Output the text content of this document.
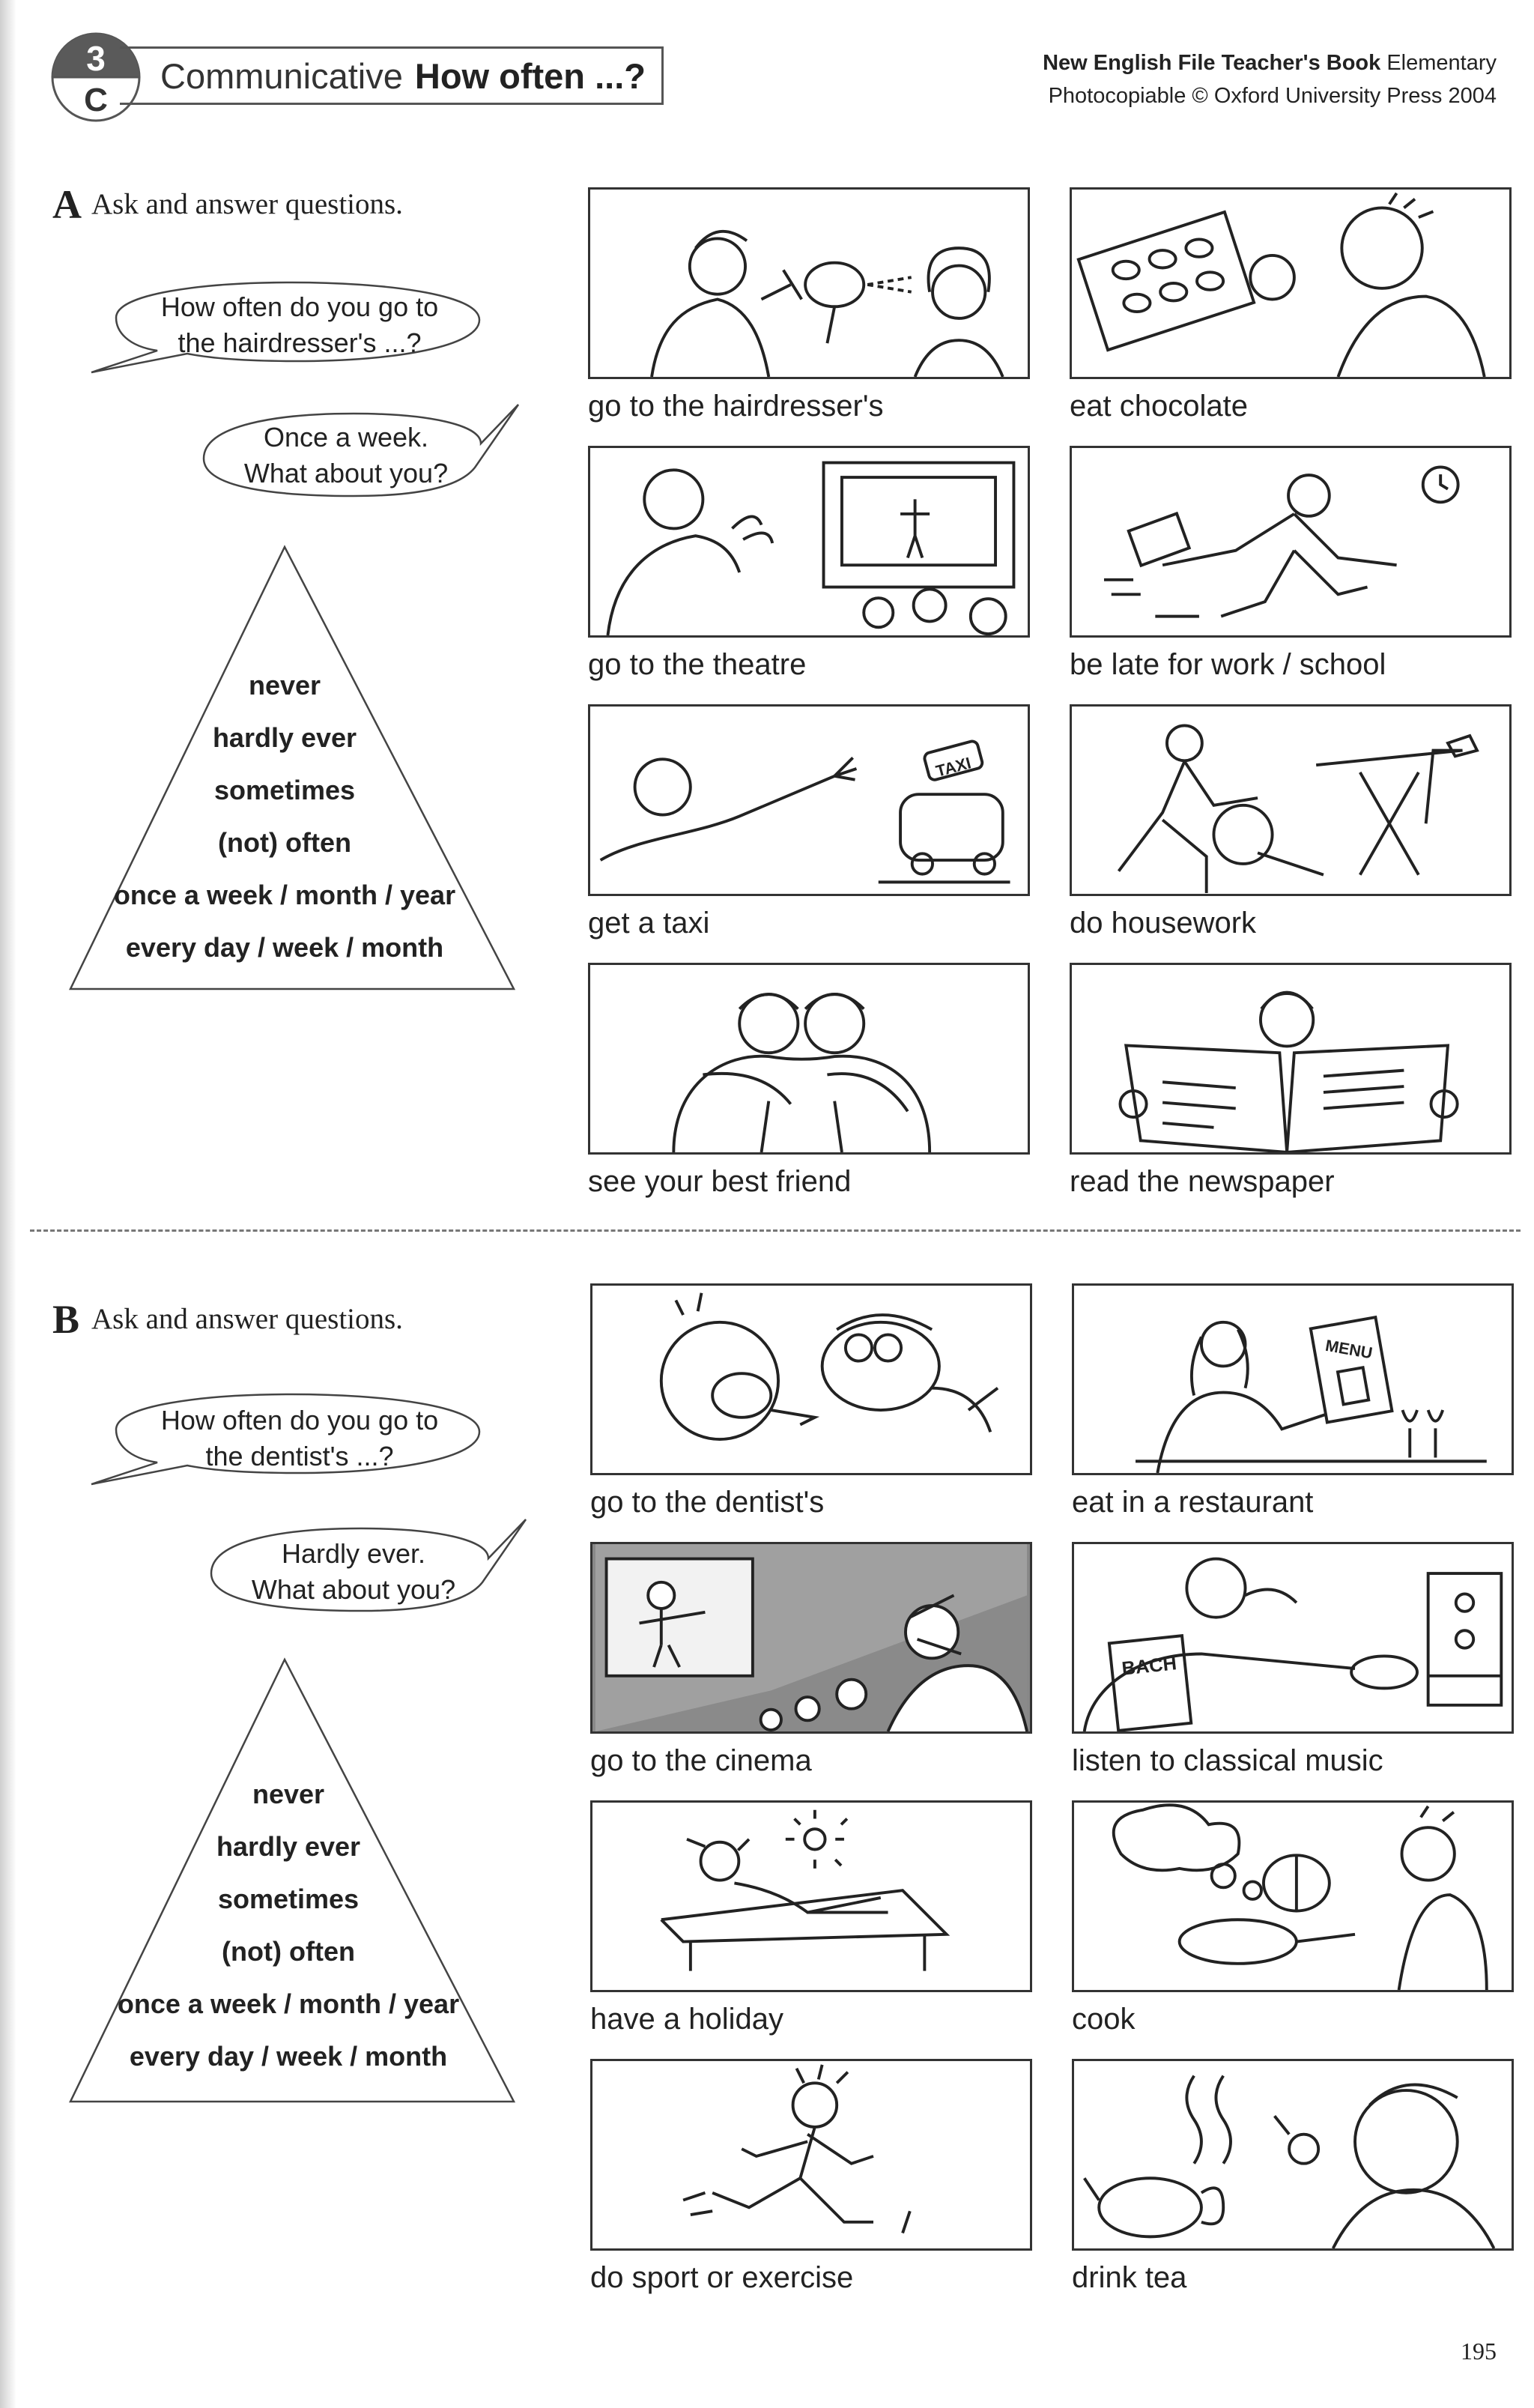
3
C
Communicative How often ...?	New English File Teacher's Book Elementary
Photocopiable © Oxford University Press 2004
A Ask and answer questions.
How often do you go to
the hairdresser's ...?
Once a week.
What about you?
never
hardly ever
sometimes
(not) often
once a week / month / year
every day / week / month
go to the hairdresser's	eat chocolate
go to the theatre	be late for work / school
TAXI
get a taxi	do housework
see your best friend	read the newspaper
B Ask and answer questions.
How often do you go to
the dentist's ...?
Hardly ever.
What about you?
never
hardly ever
sometimes
(not) often
once a week / month / year
every day / week / month
go to the dentist's
MENU
eat in a restaurant
go to the cinema
BACH
listen to classical music
have a holiday	cook
do sport or exercise	drink tea
195
